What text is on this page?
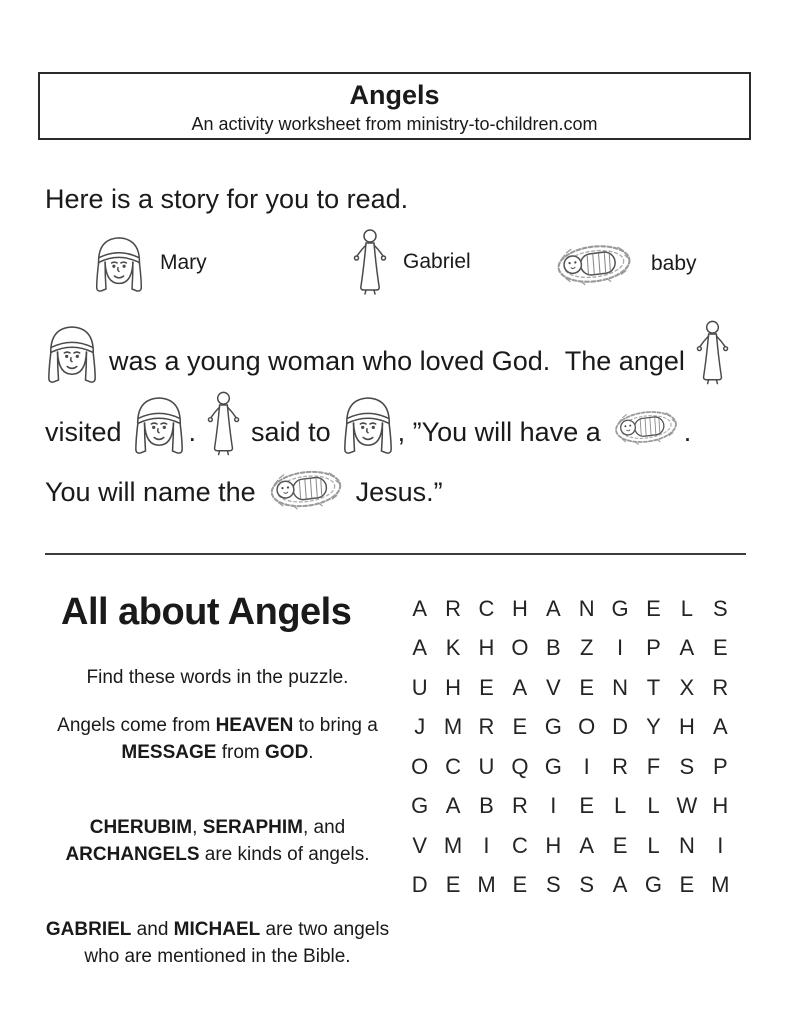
Angels
An activity worksheet from ministry-to-children.com
Here is a story for you to read.
Mary	Gabriel	baby
was a young woman who loved God.  The angel
visited . said to , ”You will have a	.
You will name the	Jesus.”
All about Angels
Find these words in the puzzle.

Angels come from HEAVEN to bring a MESSAGE from GOD.

CHERUBIM, SERAPHIM, and ARCHANGELS are kinds of angels.

GABRIEL and MICHAEL are two angels who are mentioned in the Bible.

A R C H A N G E L S
A K H O B Z	I	P A E
U H E A V E N T X R
J M R E G O D Y H A
O C U Q G I	R F S P
G A B R	I	E L L W H
V M I	C H A E L N	I
D E M E S S A G E M
